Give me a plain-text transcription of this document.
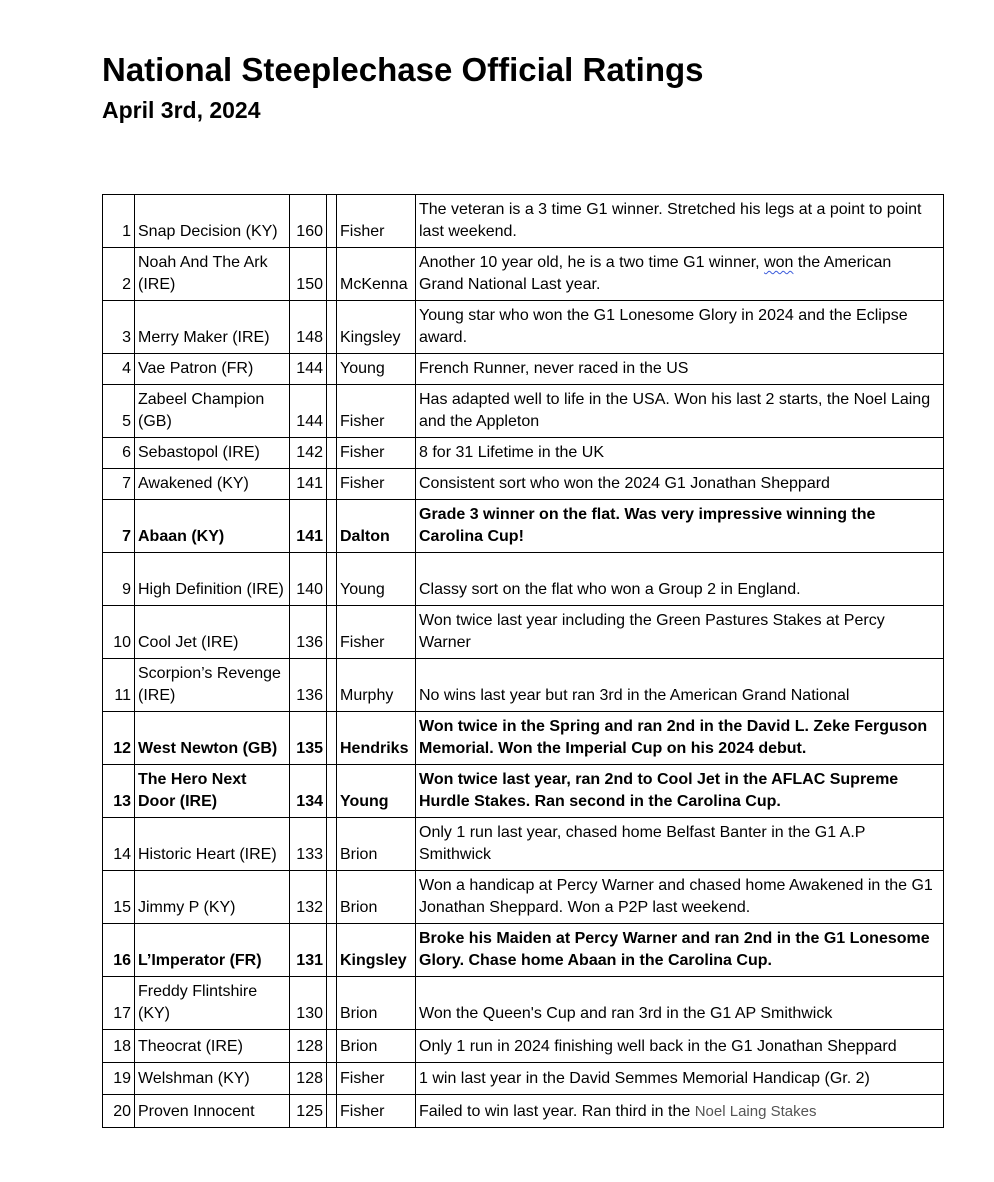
National Steeplechase Official Ratings
April 3rd, 2024
1	Snap Decision (KY)	160		Fisher	The veteran is a 3 time G1 winner. Stretched his legs at a point to point last weekend.
2	Noah And The Ark (IRE)	150		McKenna	Another 10 year old, he is a two time G1 winner, won the American Grand National Last year.
3	Merry Maker (IRE)	148		Kingsley	Young star who won the G1 Lonesome Glory in 2024 and the Eclipse award.
4	Vae Patron (FR)	144		Young	French Runner, never raced in the US
5	Zabeel Champion (GB)	144		Fisher	Has adapted well to life in the USA. Won his last 2 starts, the Noel Laing and the Appleton
6	Sebastopol (IRE)	142		Fisher	8 for 31 Lifetime in the UK
7	Awakened (KY)	141		Fisher	Consistent sort who won the 2024 G1 Jonathan Sheppard
7	Abaan (KY)	141		Dalton	Grade 3 winner on the flat. Was very impressive winning the Carolina Cup!
9	High Definition (IRE)	140		Young	Classy sort on the flat who won a Group 2 in England.
10	Cool Jet (IRE)	136		Fisher	Won twice last year including the Green Pastures Stakes at Percy Warner
11	Scorpion’s Revenge (IRE)	136		Murphy	No wins last year but ran 3rd in the American Grand National
12	West Newton (GB)	135		Hendriks	Won twice in the Spring and ran 2nd in the David L. Zeke Ferguson Memorial. Won the Imperial Cup on his 2024 debut.
13	The Hero Next Door (IRE)	134		Young	Won twice last year, ran 2nd to Cool Jet in the AFLAC Supreme Hurdle Stakes. Ran second in the Carolina Cup.
14	Historic Heart (IRE)	133		Brion	Only 1 run last year, chased home Belfast Banter in the G1 A.P Smithwick
15	Jimmy P (KY)	132		Brion	Won a handicap at Percy Warner and chased home Awakened in the G1 Jonathan Sheppard. Won a P2P last weekend.
16	L’Imperator (FR)	131		Kingsley	Broke his Maiden at Percy Warner and ran 2nd in the G1 Lonesome Glory. Chase home Abaan in the Carolina Cup.
17	Freddy Flintshire (KY)	130		Brion	Won the Queen's Cup and ran 3rd in the G1 AP Smithwick
18	Theocrat (IRE)	128		Brion	Only 1 run in 2024 finishing well back in the G1 Jonathan Sheppard
19	Welshman (KY)	128		Fisher	1 win last year in the David Semmes Memorial Handicap (Gr. 2)
20	Proven Innocent	125		Fisher	Failed to win last year. Ran third in the Noel Laing Stakes
